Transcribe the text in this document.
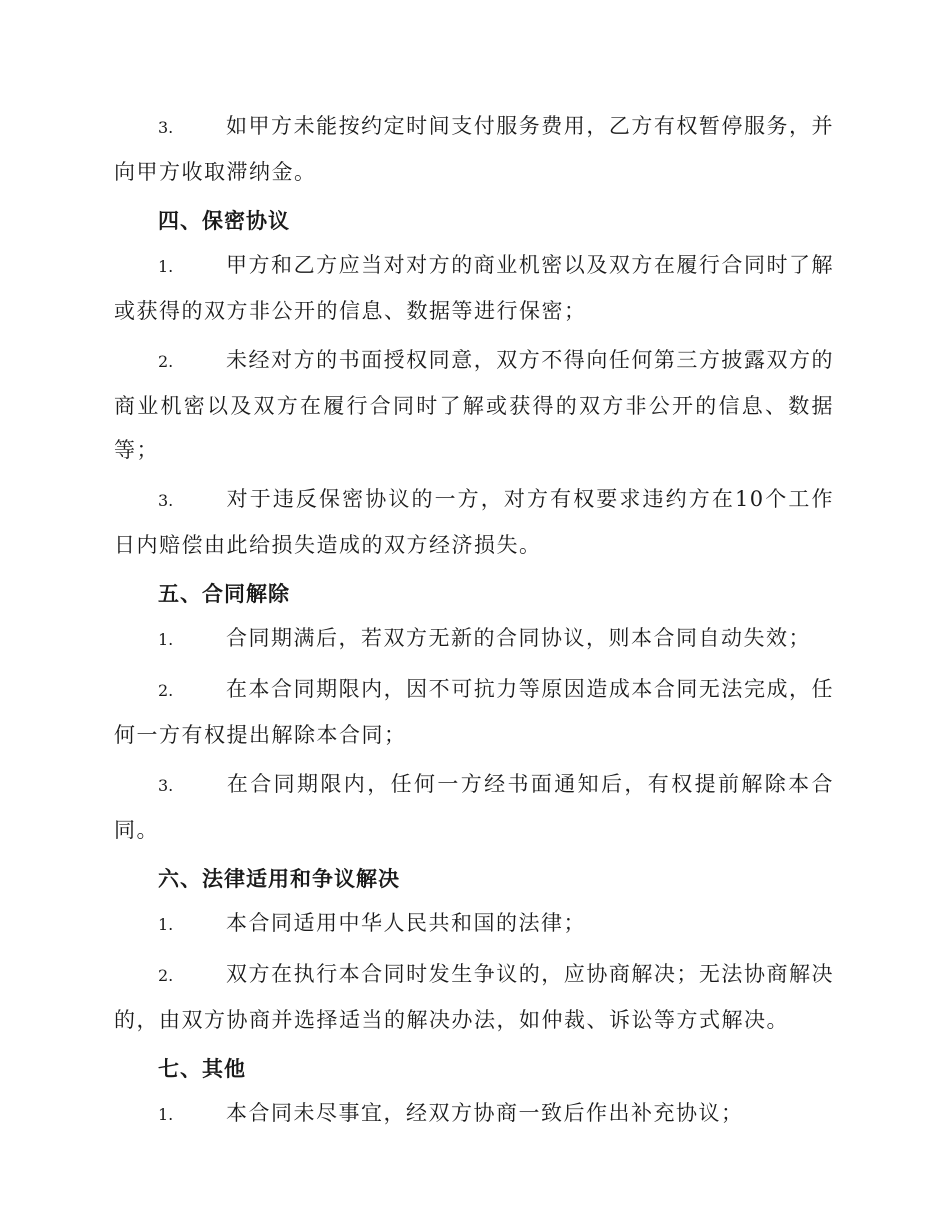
3.	如甲方未能按约定时间支付服务费用，乙方有权暂停服务，并向甲方收取滞纳金。

四、保密协议

1.	甲方和乙方应当对对方的商业机密以及双方在履行合同时了解或获得的双方非公开的信息、数据等进行保密；

2.	未经对方的书面授权同意，双方不得向任何第三方披露双方的商业机密以及双方在履行合同时了解或获得的双方非公开的信息、数据等；

3.	对于违反保密协议的一方，对方有权要求违约方在10个工作日内赔偿由此给损失造成的双方经济损失。

五、合同解除

1.	合同期满后，若双方无新的合同协议，则本合同自动失效；

2.	在本合同期限内，因不可抗力等原因造成本合同无法完成，任何一方有权提出解除本合同；

3.	在合同期限内，任何一方经书面通知后，有权提前解除本合同。

六、法律适用和争议解决

1.	本合同适用中华人民共和国的法律；

2.	双方在执行本合同时发生争议的，应协商解决；无法协商解决的，由双方协商并选择适当的解决办法，如仲裁、诉讼等方式解决。

七、其他

1.	本合同未尽事宜，经双方协商一致后作出补充协议；
